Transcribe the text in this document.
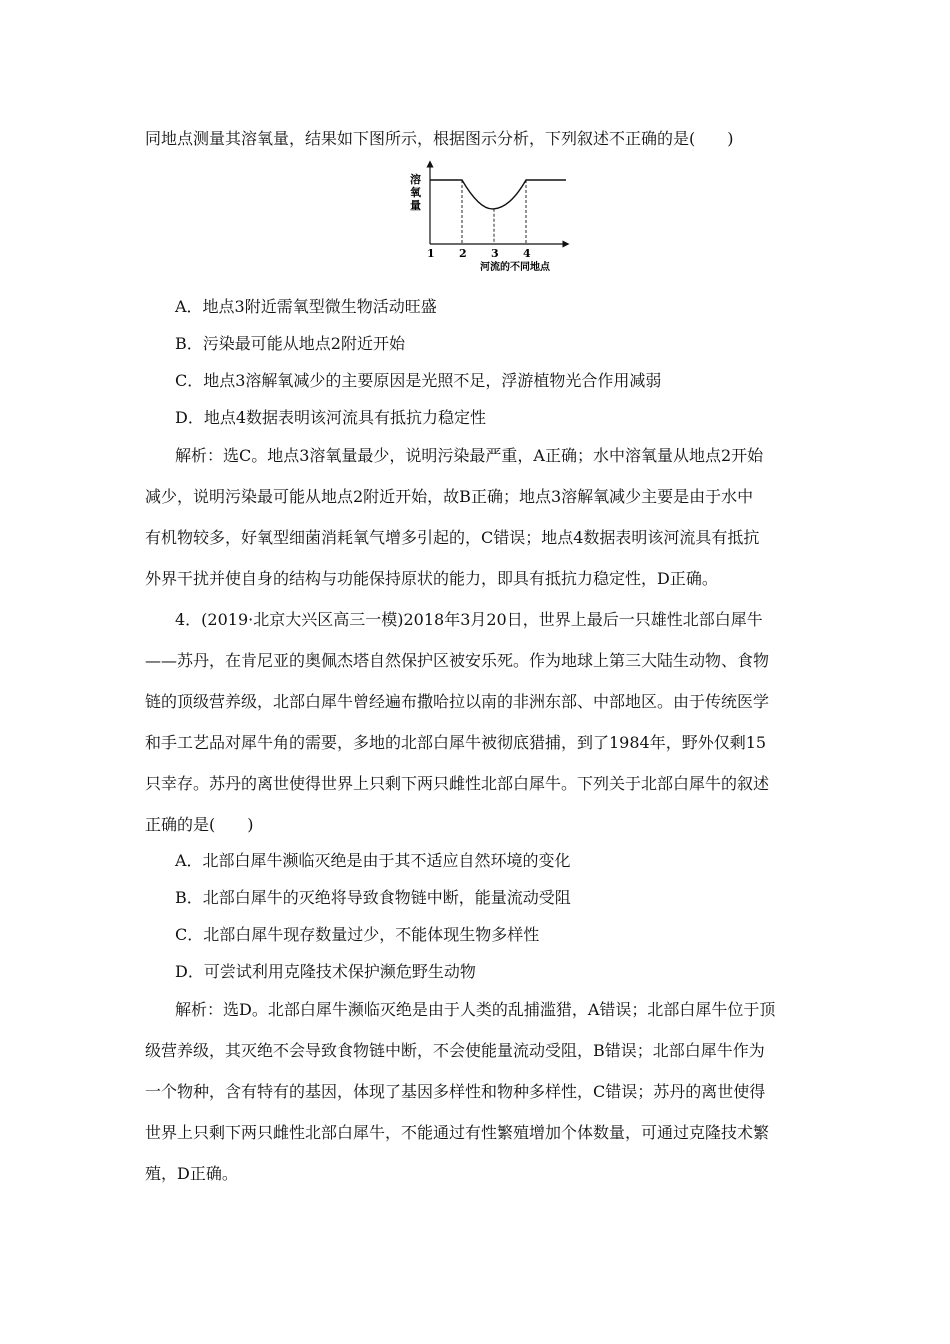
同地点测量其溶氧量，结果如下图所示，根据图示分析，下列叙述不正确的是(　　)
溶氧量
1 2 3 4
河流的不同地点
A．地点3附近需氧型微生物活动旺盛
B．污染最可能从地点2附近开始
C．地点3溶解氧减少的主要原因是光照不足，浮游植物光合作用减弱
D．地点4数据表明该河流具有抵抗力稳定性
解析：选C。地点3溶氧量最少，说明污染最严重，A正确；水中溶氧量从地点2开始
减少，说明污染最可能从地点2附近开始，故B正确；地点3溶解氧减少主要是由于水中
有机物较多，好氧型细菌消耗氧气增多引起的，C错误；地点4数据表明该河流具有抵抗
外界干扰并使自身的结构与功能保持原状的能力，即具有抵抗力稳定性，D正确。
4．(2019·北京大兴区高三一模)2018年3月20日，世界上最后一只雄性北部白犀牛
——苏丹，在肯尼亚的奥佩杰塔自然保护区被安乐死。作为地球上第三大陆生动物、食物
链的顶级营养级，北部白犀牛曾经遍布撒哈拉以南的非洲东部、中部地区。由于传统医学
和手工艺品对犀牛角的需要，多地的北部白犀牛被彻底猎捕，到了1984年，野外仅剩15
只幸存。苏丹的离世使得世界上只剩下两只雌性北部白犀牛。下列关于北部白犀牛的叙述
正确的是(　　)
A．北部白犀牛濒临灭绝是由于其不适应自然环境的变化
B．北部白犀牛的灭绝将导致食物链中断，能量流动受阻
C．北部白犀牛现存数量过少，不能体现生物多样性
D．可尝试利用克隆技术保护濒危野生动物
解析：选D。北部白犀牛濒临灭绝是由于人类的乱捕滥猎，A错误；北部白犀牛位于顶
级营养级，其灭绝不会导致食物链中断，不会使能量流动受阻，B错误；北部白犀牛作为
一个物种，含有特有的基因，体现了基因多样性和物种多样性，C错误；苏丹的离世使得
世界上只剩下两只雌性北部白犀牛，不能通过有性繁殖增加个体数量，可通过克隆技术繁
殖，D正确。
